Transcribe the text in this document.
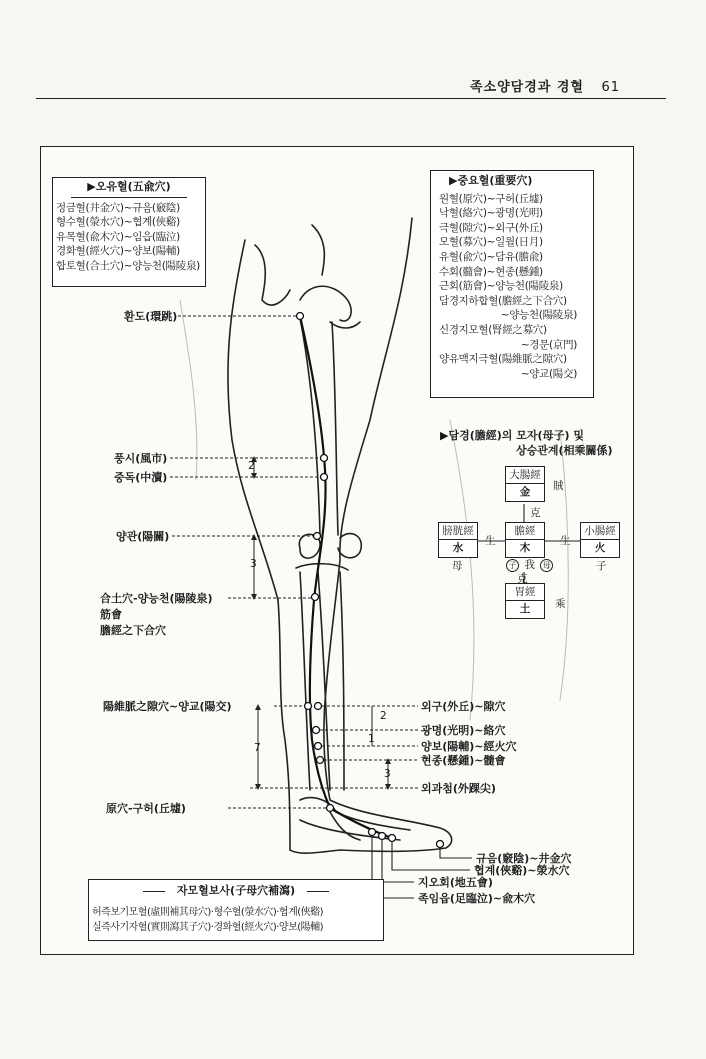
족소양담경과 경혈 61
▶오유혈(五兪穴)
정금혈(井金穴)~규음(竅陰)
형수혈(滎水穴)~협계(俠谿)
유목혈(兪木穴)~임읍(臨泣)
경화혈(經火穴)~양보(陽輔)
합토혈(合土穴)~양능천(陽陵泉)
▶중요혈(重要穴)
원혈(原穴)~구허(丘墟)
낙혈(絡穴)~광명(光明)
극혈(隙穴)~외구(外丘)
모혈(募穴)~일월(日月)
유혈(兪穴)~담유(膽兪)
수회(髓會)~현종(懸鍾)
근회(筋會)~양능천(陽陵泉)
담경지하합혈(膽經之下合穴)
~양능천(陽陵泉)
신경지모혈(腎經之募穴)
~경문(京門)
양유맥지극혈(陽維脈之隙穴)
~양교(陽交)
▶담경(膽經)의 모자(母子) 및
상승관계(相乘關係)
大腸經
金
膀胱經
水
膽經
木
小腸經
火
胃經
土
賊
克
生	生
母	子
子 我 母
克
乘
환도(環跳)
풍시(風市)
중독(中瀆)
양관(陽關)
合土穴-양능천(陽陵泉)
筋會
膽經之下合穴
陽維脈之隙穴~양교(陽交)	외구(外丘)~隙穴
광명(光明)~絡穴
양보(陽輔)~經火穴
현종(懸鍾)~髓會
외과첨(外踝尖)
原穴-구허(丘墟)
규음(竅陰)~井金穴
협계(俠谿)~滎水穴
지오회(地五會)
족임읍(足臨泣)~兪木穴
2
3
2
1
7
3
자모혈보사(子母穴補瀉)
허즉보기모혈(虛則補其母穴)·형수혈(滎水穴)·협계(俠谿)
실즉사기자혈(實則瀉其子穴)·경화혈(經火穴)·양보(陽輔)
